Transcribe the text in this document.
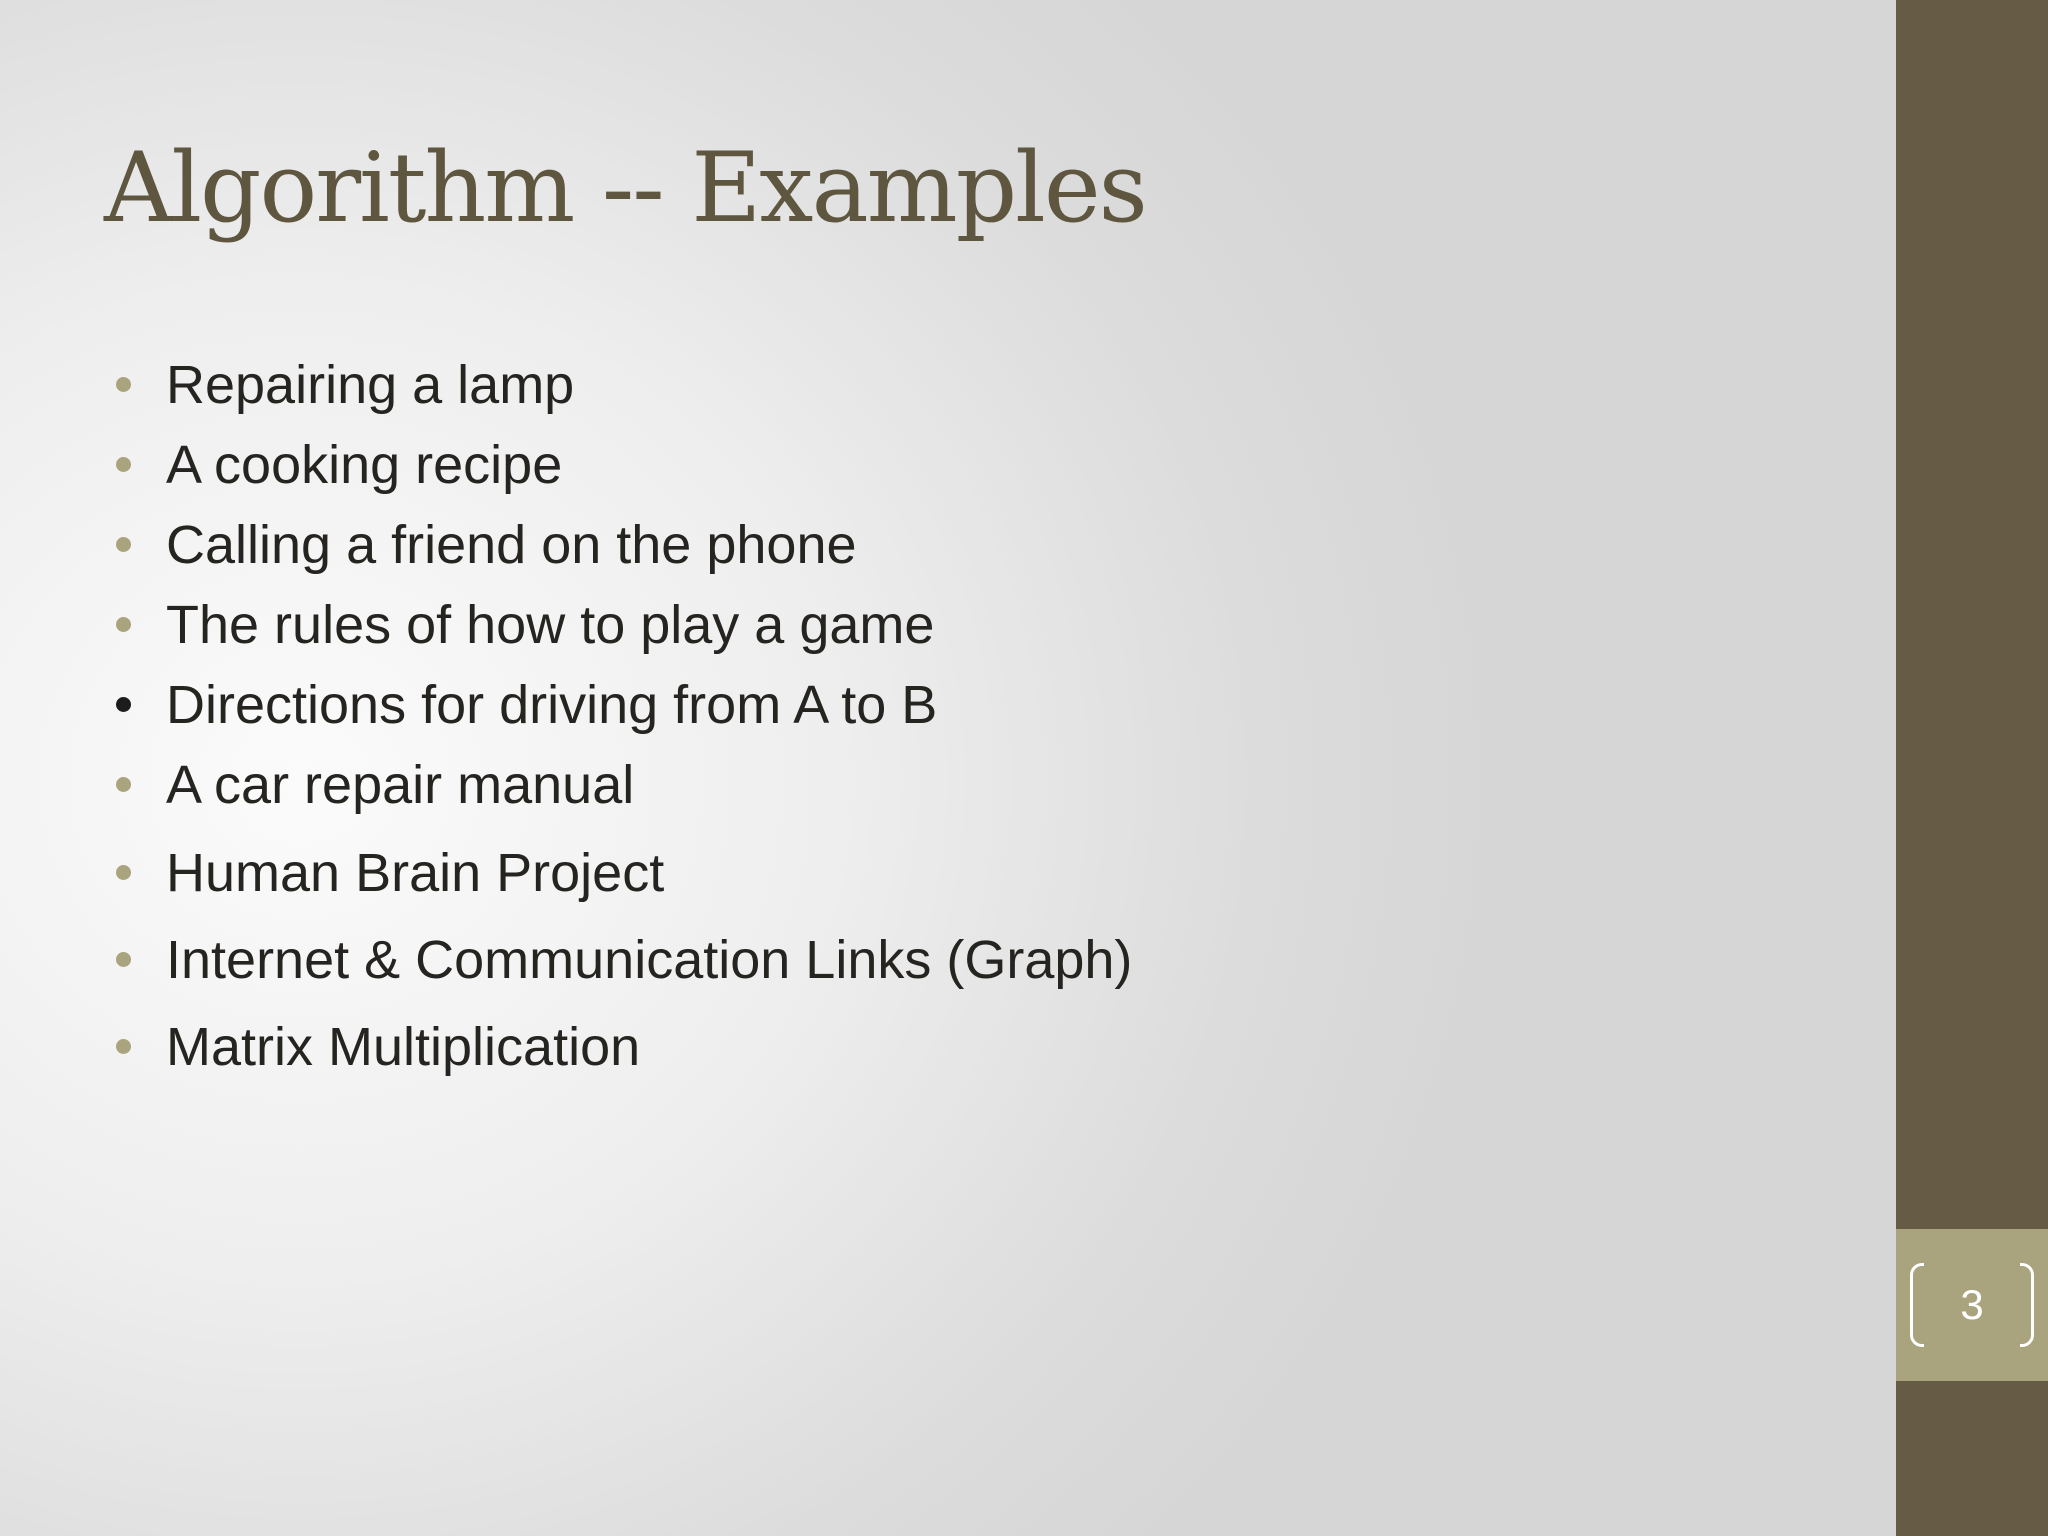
Algorithm -- Examples
Repairing a lamp
A cooking recipe
Calling a friend on the phone
The rules of how to play a game
Directions for driving from A to B
A car repair manual
Human Brain Project
Internet & Communication Links (Graph)
Matrix Multiplication
3
